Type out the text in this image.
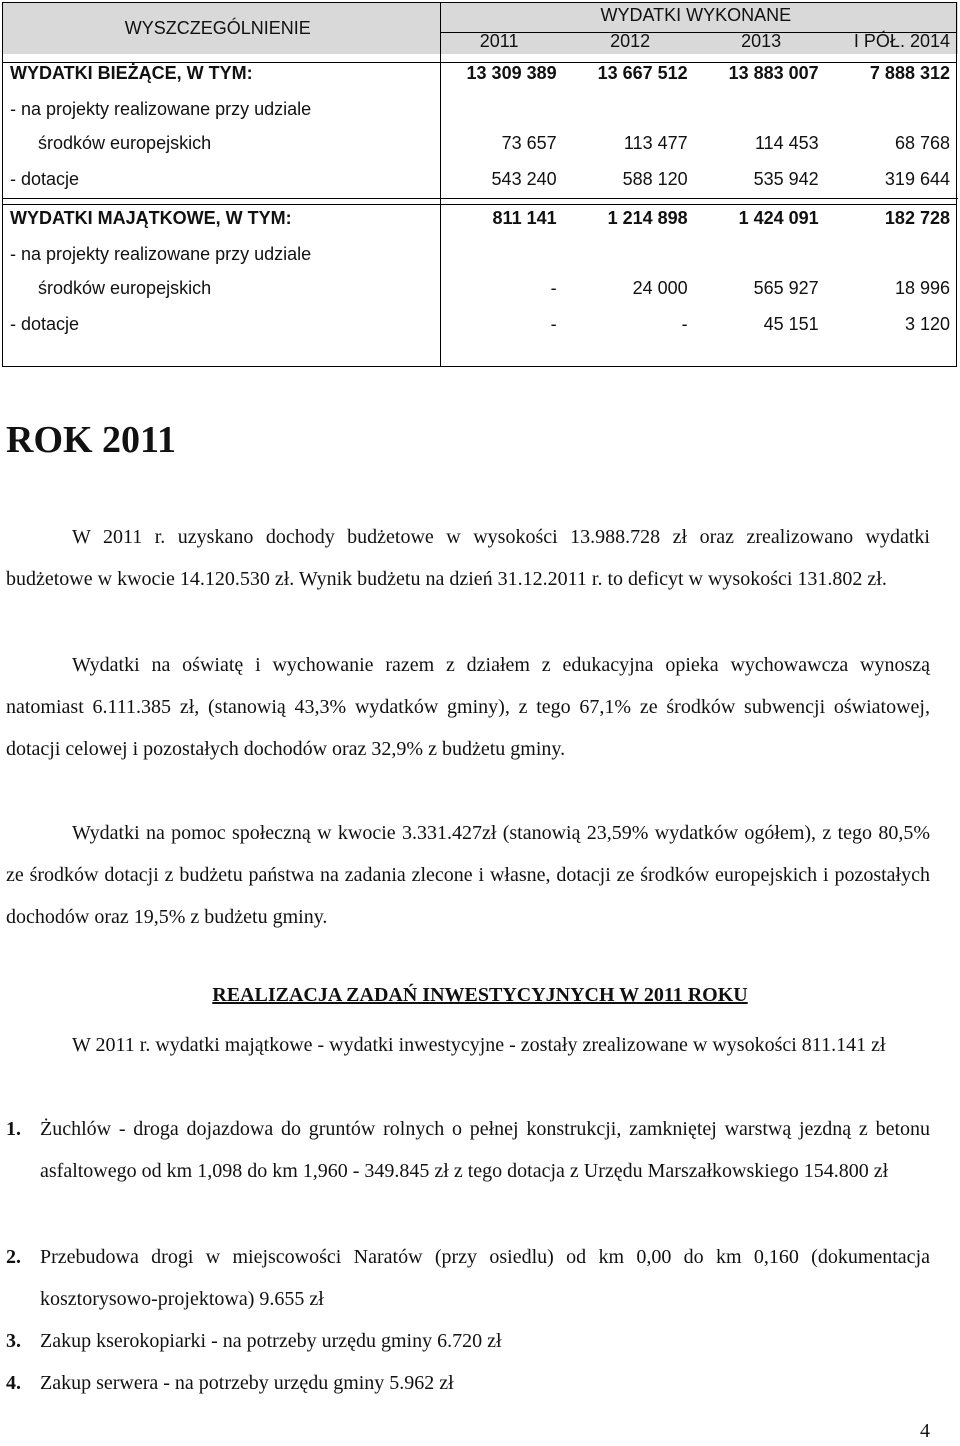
WYSZCZEGÓLNIENIE	WYDATKI WYKONANE			
	2011	2012	2013	I PÓŁ. 2014
WYDATKI BIEŻĄCE, W TYM:	13 309 389	13 667 512	13 883 007	7 888 312
- na projekty realizowane przy udziale				
środków europejskich	73 657	113 477	114 453	68 768
- dotacje	543 240	588 120	535 942	319 644
WYDATKI MAJĄTKOWE, W TYM:	811 141	1 214 898	1 424 091	182 728
- na projekty realizowane przy udziale				
środków europejskich	-	24 000	565 927	18 996
- dotacje	-	-	45 151	3 120
ROK 2011
W 2011 r. uzyskano dochody budżetowe w wysokości 13.988.728 zł oraz zrealizowano wydatki budżetowe w kwocie 14.120.530 zł. Wynik budżetu na dzień 31.12.2011 r. to deficyt w wysokości 131.802 zł.
Wydatki na oświatę i wychowanie razem z działem z edukacyjna opieka wychowawcza wynoszą natomiast 6.111.385 zł, (stanowią 43,3% wydatków gminy), z tego 67,1% ze środków subwencji oświatowej, dotacji celowej i pozostałych dochodów oraz 32,9% z budżetu gminy.
Wydatki na pomoc społeczną w kwocie 3.331.427zł (stanowią 23,59% wydatków ogółem), z tego 80,5% ze środków dotacji z budżetu państwa na zadania zlecone i własne, dotacji ze środków europejskich i pozostałych dochodów oraz 19,5% z budżetu gminy.
REALIZACJA ZADAŃ INWESTYCYJNYCH W 2011 ROKU
W 2011 r. wydatki majątkowe - wydatki inwestycyjne - zostały zrealizowane w wysokości 811.141 zł
1. Żuchlów - droga dojazdowa do gruntów rolnych o pełnej konstrukcji, zamkniętej warstwą jezdną z betonu asfaltowego od km 1,098 do km 1,960 - 349.845 zł z tego dotacja z Urzędu Marszałkowskiego 154.800 zł
2. Przebudowa drogi w miejscowości Naratów (przy osiedlu) od km 0,00 do km 0,160 (dokumentacja kosztorysowo-projektowa) 9.655 zł
3. Zakup kserokopiarki - na potrzeby urzędu gminy 6.720 zł
4. Zakup serwera - na potrzeby urzędu gminy 5.962 zł
4
